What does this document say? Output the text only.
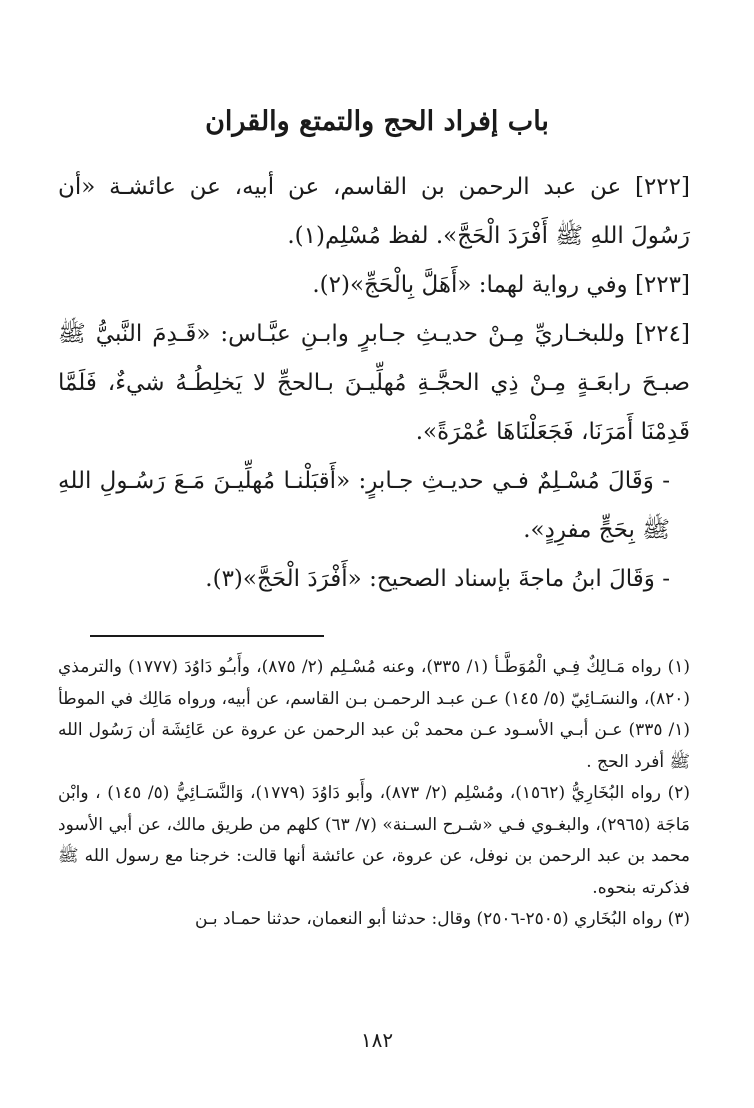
باب إفراد الحج والتمتع والقران

[٢٢٢] عن عبد الرحمن بن القاسم، عن أبيه، عن عائشـة «أن رَسُولَ اللهِ ﷺ أَفْرَدَ الْحَجَّ». لفظ مُسْلِم(١).

[٢٢٣] وفي رواية لهما: «أَهَلَّ بِالْحَجِّ»(٢).

[٢٢٤] وللبخـاريِّ مِـنْ حديـثِ جـابرٍ وابـنِ عبَّـاس: «قَـدِمَ النَّبيُّ ﷺ صبـحَ رابعَـةٍ مِـنْ ذِي الحجَّـةِ مُهلِّيـنَ بـالحجِّ لا يَخلِطُـهُ شيءٌ، فَلَمَّا قَدِمْنَا أَمَرَنَا، فَجَعَلْنَاهَا عُمْرَةً».

- وَقَالَ مُسْـلِمٌ فـي حديـثِ جـابرٍ: «أَقبَلْنـا مُهلِّيـنَ مَـعَ رَسُـولِ اللهِ ﷺ بِحَجٍّ مفرِدٍ».

- وَقَالَ ابنُ ماجةَ بإسناد الصحيح: «أَفْرَدَ الْحَجَّ»(٣).

(١) رواه مَـالِكٌ فِـي الْمُوَطَّـأ (١/ ٣٣٥)، وعنه مُسْـلِم (٢/ ٨٧٥)، وأَبـُو دَاوُدَ (١٧٧٧) والترمذي (٨٢٠)، والنسَـائِيّ (٥/ ١٤٥) عـن عبـد الرحمـن بـن القاسم، عن أبيه، ورواه مَالِك في الموطأ (١/ ٣٣٥) عـن أبـي الأسـود عـن محمد بْن عبد الرحمن عن عروة عن عَائِشَة أن رَسُول الله ﷺ أفرد الحج .

(٢) رواه البُخَارِيُّ (١٥٦٢)، ومُسْلِم (٢/ ٨٧٣)، وأَبو دَاوُدَ (١٧٧٩)، وَالنَّسَـائِيُّ (٥/ ١٤٥) ، وابْن مَاجَة (٢٩٦٥)، والبغـوي فـي «شـرح السـنة» (٧/ ٦٣) كلهم من طريق مالك، عن أبي الأسود محمد بن عبد الرحمن بن نوفل، عن عروة، عن عائشة أنها قالت: خرجنا مع رسول الله ﷺ فذكرته بنحوه.

(٣) رواه البُخَاري (٢٥٠٥-٢٥٠٦) وقال: حدثنا أبو النعمان، حدثنا حمـاد بـن

١٨٢
